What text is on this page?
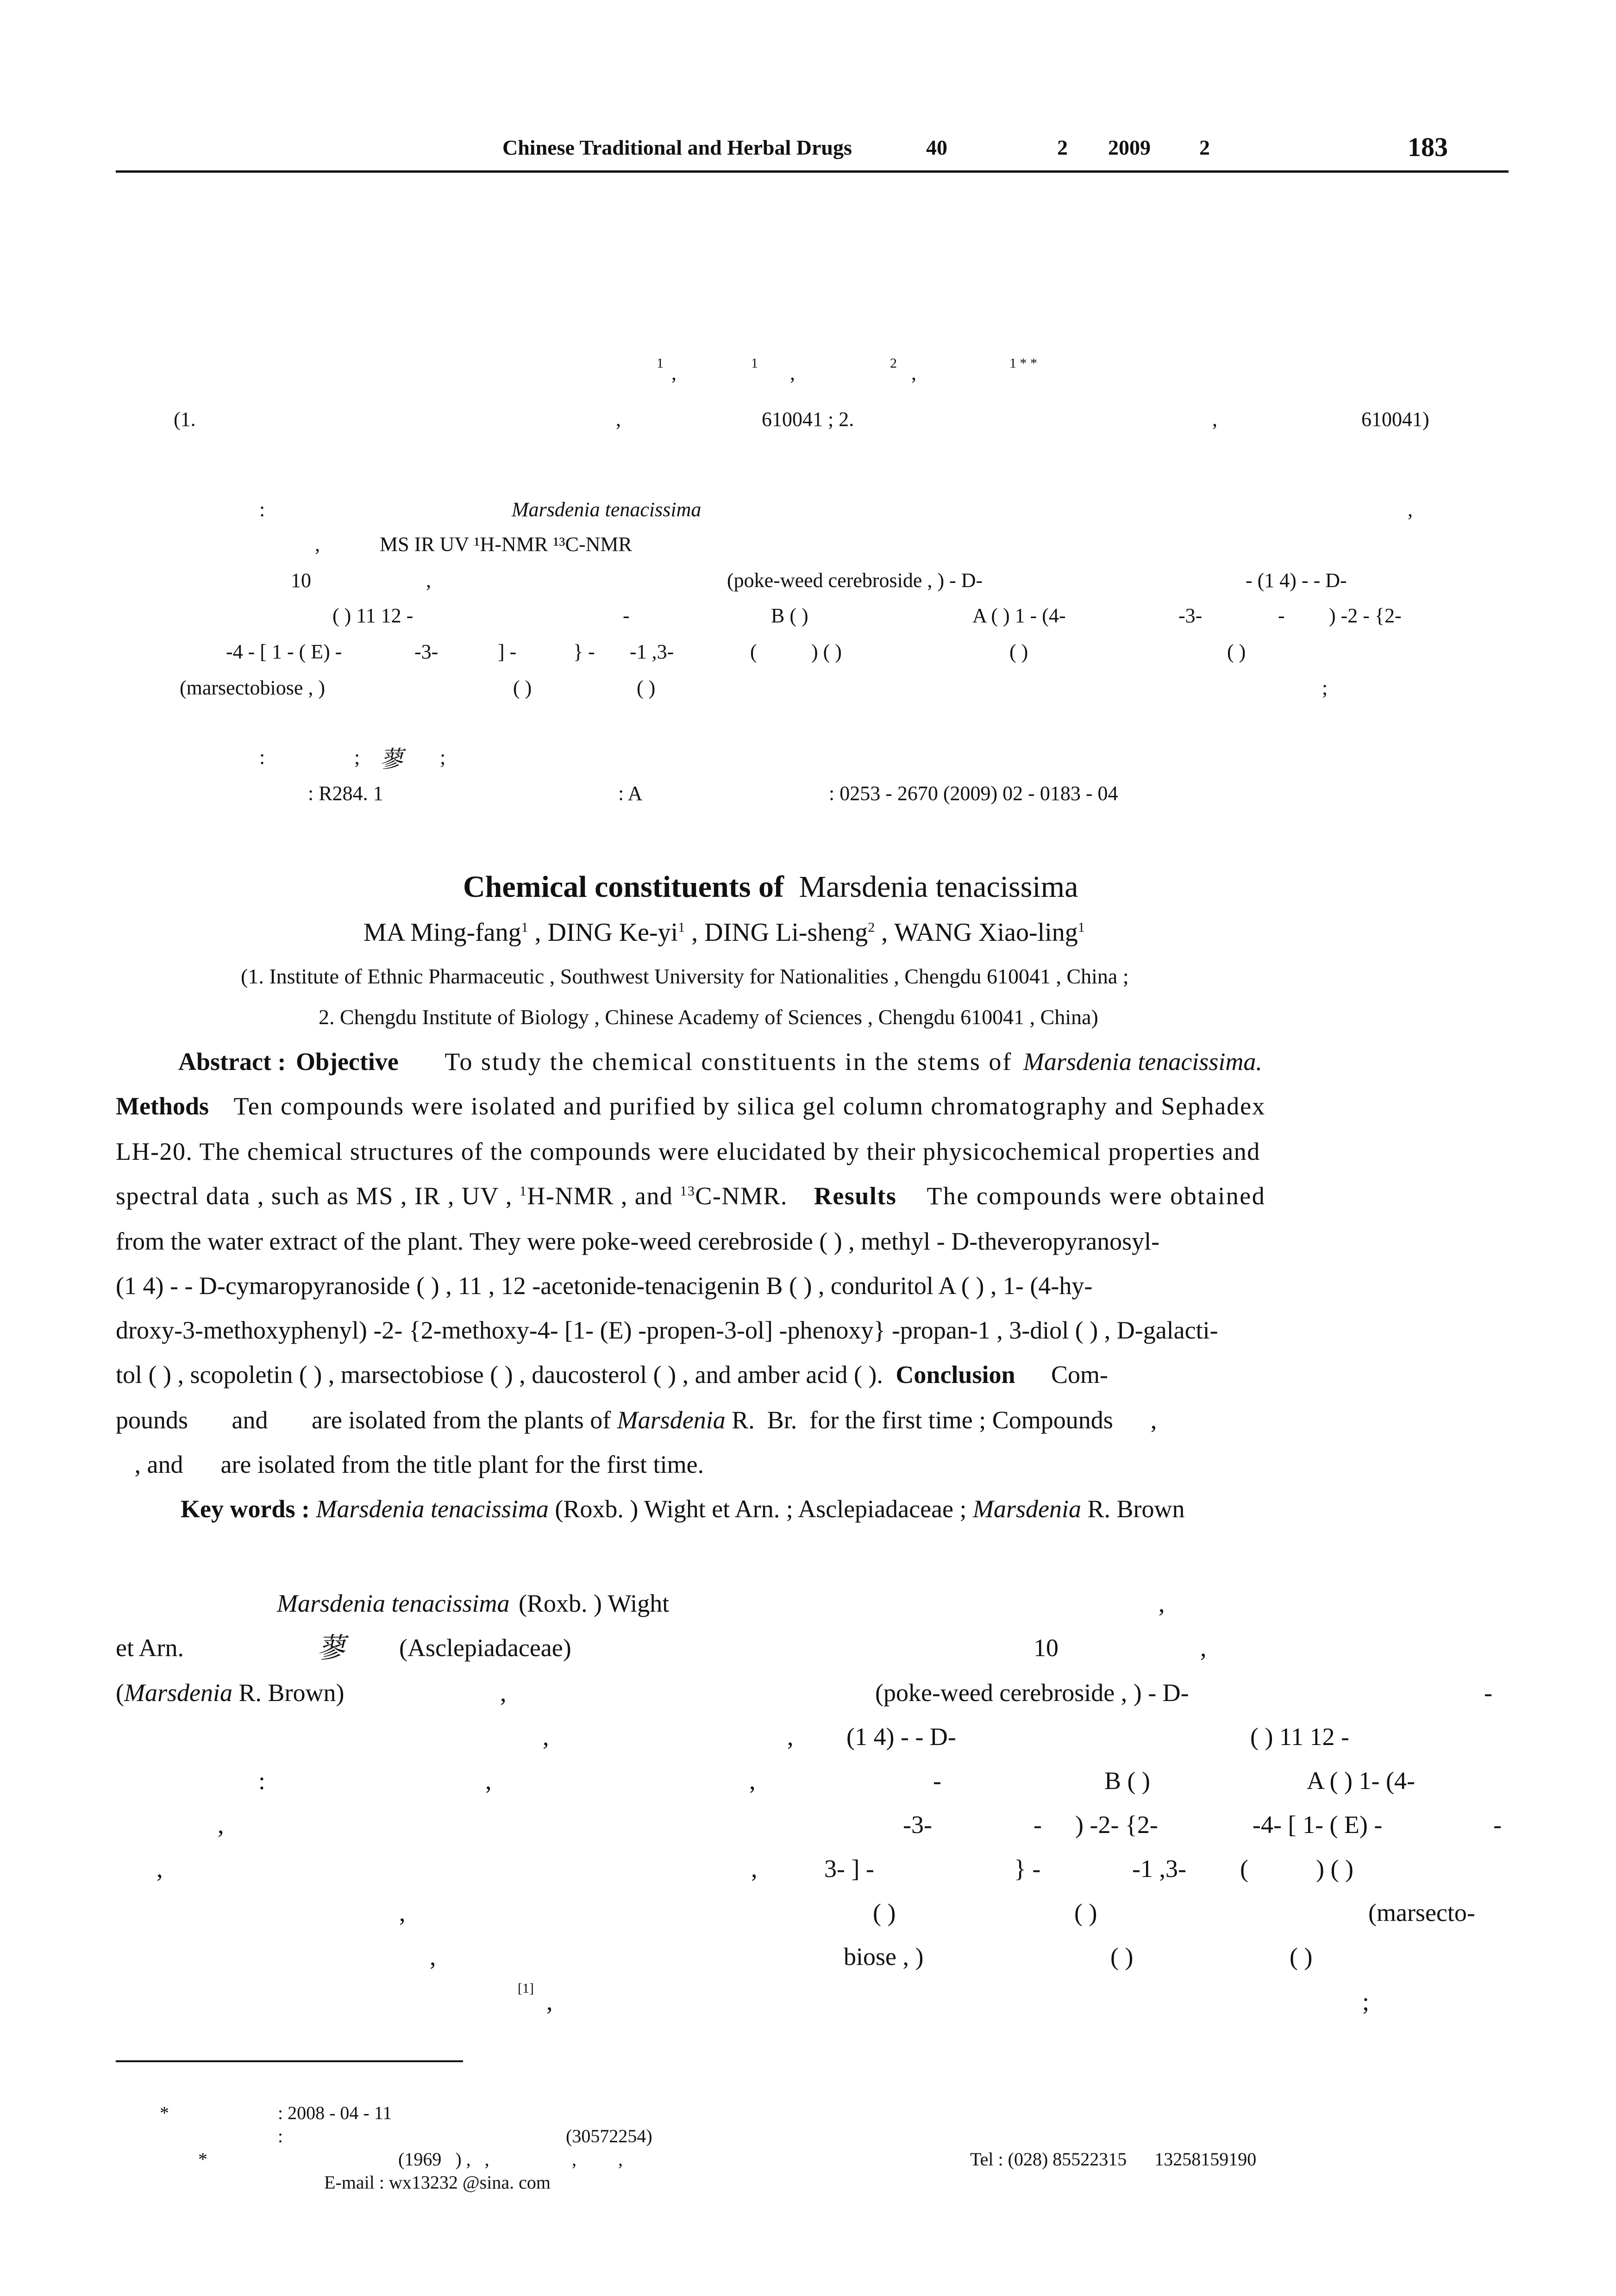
Chinese Traditional and Herbal Drugs	40	2 2009 2	183
1 ,	1 ,	2 ,	1 * *
(1.	,	610041 ; 2.	,	610041)
:	Marsdenia tenacissima	,
,	MS IR UV ¹H-NMR ¹³C-NMR
10	,	(poke-weed cerebroside , ) - D-	- (1 4) - - D-
( ) 11 12 -	-	B ( )	A ( ) 1 - (4-	-3-	- ) -2 - {2-
-4 - [ 1 - ( E) -	-3-	] -	} - -1 ,3-	(	) ( )	( )	( )
(marsectobiose , )	( )	( )	;
:	; 蓼 ;
: R284. 1	: A	: 0253 - 2670 (2009) 02 - 0183 - 04
Chemical constituents of Marsdenia tenacissima
MA Ming-fang$^1$ , DING $Ke-yi^1$ , DING Li-sheng$^2$ , WANG Xiao-ling$^1$
(1. Institute of Ethnic Pharmaceutic , Southwest University for Nationalities , Chengdu 610041 , China ;
2. Chengdu Institute of Biology , Chinese Academy of Sciences , Chengdu 610041 , China)
Abstract : Objective To study the chemical constituents in the stems of Marsdenia tenacissima.
Methods Ten compounds were isolated and purified by silica gel column chromatography and Sephadex
LH-20. The chemical structures of the compounds were elucidated by their physicochemical properties and
spectral data , such as MS , IR , UV , $^1$H-NMR , and $^{13}$C-NMR. Results The compounds were obtained
from the water extract of the plant. They were poke-weed cerebroside ( ) , methyl - D-theveropyranosyl-
(1 4) - - D-cymaropyranoside ( ) , 11 , 12 -acetonide-tenacigenin B ( ) , conduritol A ( ) , 1- (4-hy-
droxy-3-methoxyphenyl) -2- {2-methoxy-4- [1- (E) -propen-3-ol] -phenoxy} -propan-1 , 3-diol ( ) , D-galacti-
tol ( ) , scopoletin ( ) , marsectobiose ( ) , daucosterol ( ) , and amber acid ( ). Conclusion Com-
pounds       and       are isolated from the plants of Marsdenia R.  Br.  for the first time ; Compounds      ,
, and      are isolated from the title plant for the first time.
Key words : Marsdenia tenacissima (Roxb. ) Wight et Arn. ; Asclepiadaceae ; Marsdenia R. Brown
Marsdenia tenacissima (Roxb. ) Wight
et Arn.	蓼 (Asclepiadaceae)
(Marsdenia R. Brown)	,
,	,
:	,	,
,
,	,
,
,
[1] ,
,
10	,
(poke-weed cerebroside , ) - D-	-
(1 4) - - D-	( ) 11 12 -
-	B ( )	A ( ) 1- (4-
-3-	- ) -2- {2-	-4- [ 1- ( E) -	-
3- ] -	} -	-1 ,3- (	) ( )
( )	( )	(marsecto-
biose , )	( )	( )
;
*	: 2008 - 04 - 11
:	(30572254)
*	(1969   ) ,   ,	,         ,	Tel : (028) 85522315      13258159190
E-mail : wx13232 @sina. com
